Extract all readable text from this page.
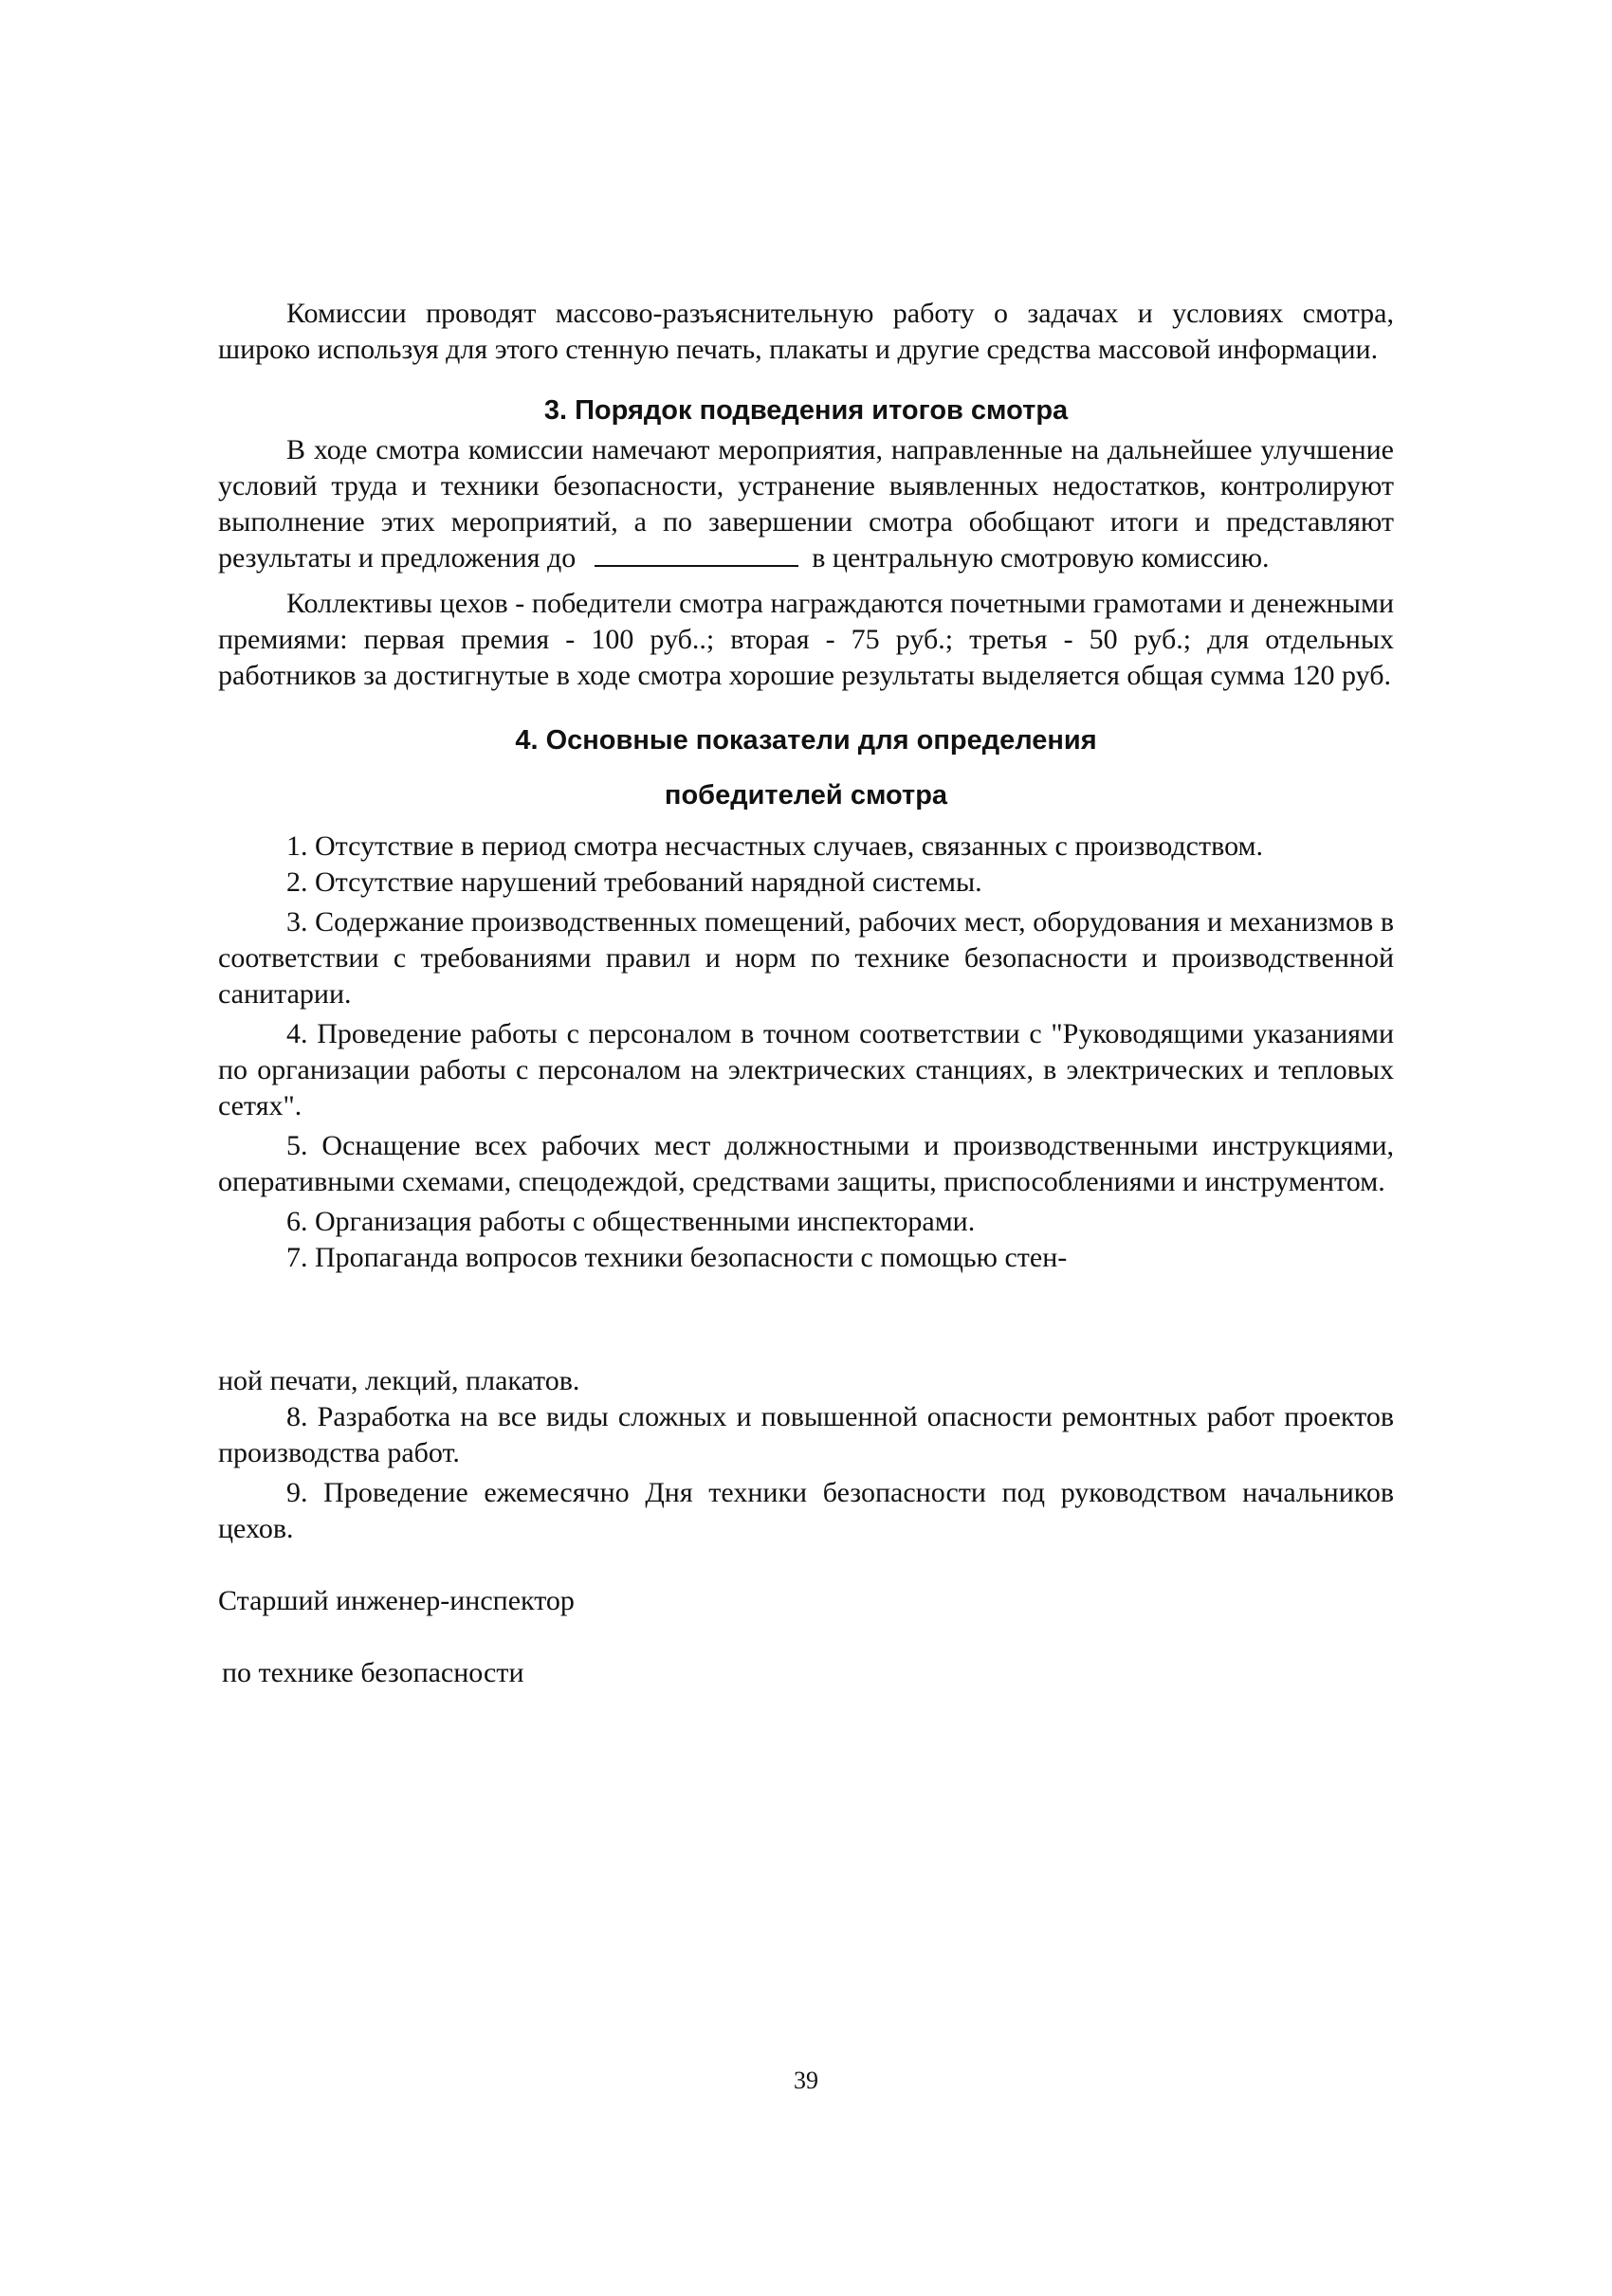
Комиссии проводят массово-разъяснительную работу о задачах и условиях смотра, широко используя для этого стенную печать, плакаты и другие средства массовой информации.

3. Порядок подведения итогов смотра

В ходе смотра комиссии намечают мероприятия, направленные на дальнейшее улучшение условий труда и техники безопасности, устранение выявленных недостатков, контролируют выполнение этих мероприятий, а по завершении смотра обобщают итоги и представляют результаты и предложения до	в центральную смотровую комиссию.

Коллективы цехов - победители смотра награждаются почетными грамотами и денежными премиями: первая премия - 100 руб..; вторая - 75 руб.; третья - 50 руб.; для отдельных работников за достигнутые в ходе смотра хорошие результаты выделяется общая сумма 120 руб.

4. Основные показатели для определения

победителей смотра

1. Отсутствие в период смотра несчастных случаев, связанных с производством.

2. Отсутствие нарушений требований нарядной системы.

3. Содержание производственных помещений, рабочих мест, оборудования и механизмов в соответствии с требованиями правил и норм по технике безопасности и производственной санитарии.

4. Проведение работы с персоналом в точном соответствии с "Руководящими указаниями по организации работы с персоналом на электрических станциях, в электрических и тепловых сетях".

5. Оснащение всех рабочих мест должностными и производственными инструкциями, оперативными схемами, спецодеждой, средствами защиты, приспособлениями и инструментом.

6. Организация работы с общественными инспекторами.

7. Пропаганда вопросов техники безопасности с помощью стен-

ной печати, лекций, плакатов.

8. Разработка на все виды сложных и повышенной опасности ремонтных работ проектов производства работ.

9. Проведение ежемесячно Дня техники безопасности под руководством начальников цехов.

Старший инженер-инспектор

по технике безопасности

39
